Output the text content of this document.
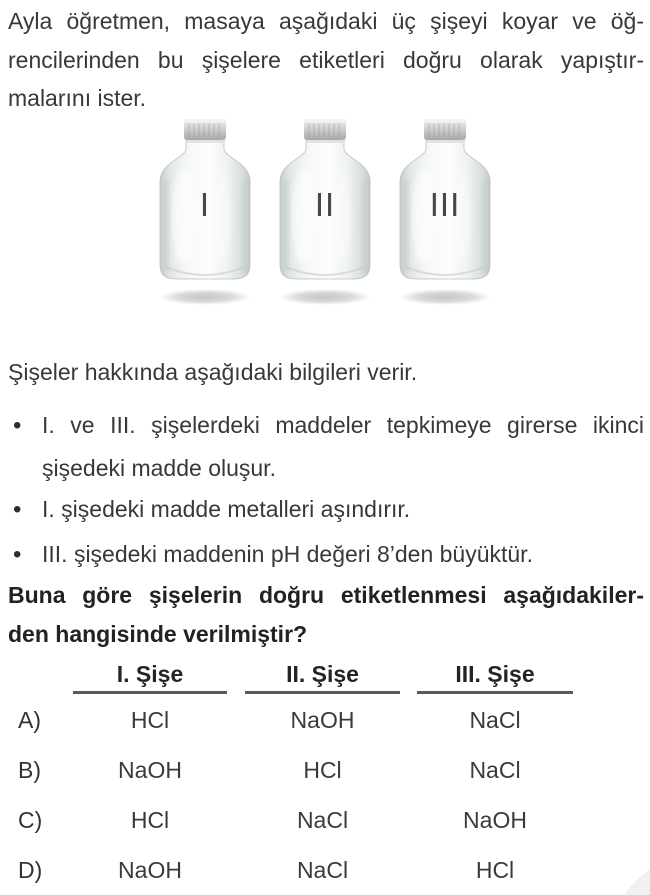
Ayla öğretmen, masaya aşağıdaki üç şişeyi koyar ve öğ-
rencilerinden bu şişelere etiketleri doğru olarak yapıştır-
malarını ister.
I	II	III
Şişeler hakkında aşağıdaki bilgileri verir.
• I. ve III. şişelerdeki maddeler tepkimeye girerse ikinci
şişedeki madde oluşur.
• I. şişedeki madde metalleri aşındırır.
• III. şişedeki maddenin pH değeri 8’den büyüktür.
Buna göre şişelerin doğru etiketlenmesi aşağıdakiler-
den hangisinde verilmiştir?
I. Şişe	II. Şişe	III. Şişe
A)	HCl	NaOH	NaCl
B)	NaOH	HCl	NaCl
C)	HCl	NaCl	NaOH
D)	NaOH	NaCl	HCl
